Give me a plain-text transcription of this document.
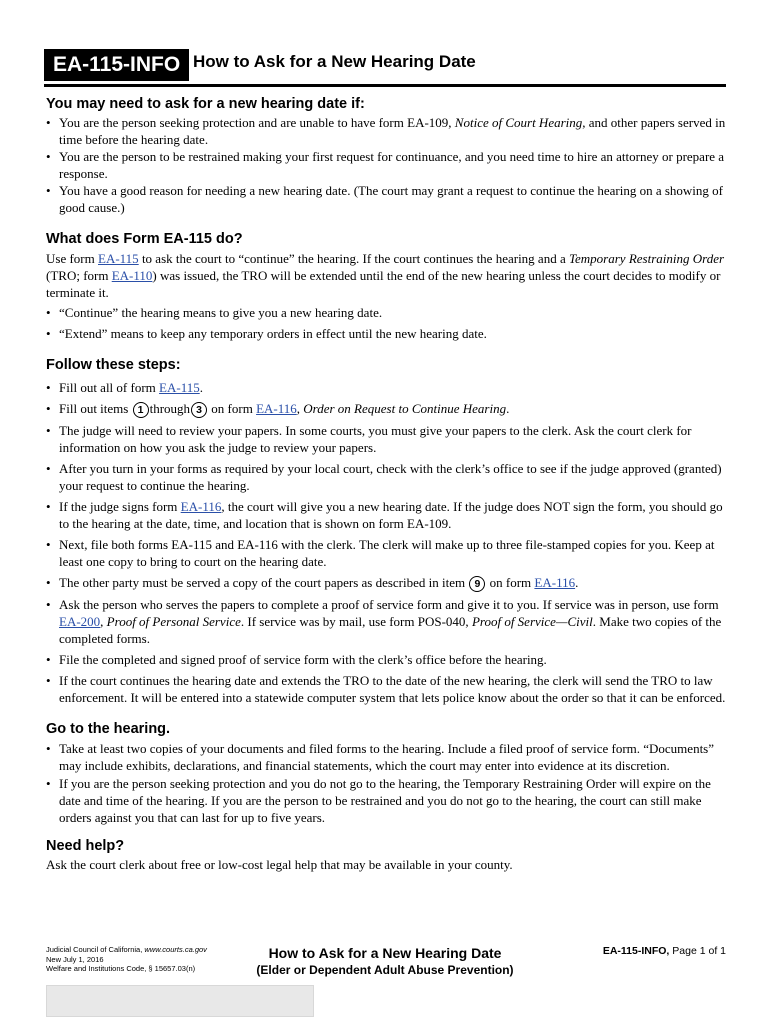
EA-115-INFO How to Ask for a New Hearing Date
You may need to ask for a new hearing date if:
• You are the person seeking protection and are unable to have form EA-109, Notice of Court Hearing, and other papers served in time before the hearing date.
• You are the person to be restrained making your first request for continuance, and you need time to hire an attorney or prepare a response.
• You have a good reason for needing a new hearing date. (The court may grant a request to continue the hearing on a showing of good cause.)
What does Form EA-115 do?

Use form EA-115 to ask the court to “continue” the hearing. If the court continues the hearing and a Temporary Restraining Order (TRO; form EA-110) was issued, the TRO will be extended until the end of the new hearing unless the court decides to modify or terminate it.

• “Continue” the hearing means to give you a new hearing date.
• “Extend” means to keep any temporary orders in effect until the new hearing date.
Follow these steps:
• Fill out all of form EA-115.
• Fill out items 1 through 3 on form EA-116, Order on Request to Continue Hearing.
• The judge will need to review your papers. In some courts, you must give your papers to the clerk. Ask the court clerk for information on how you ask the judge to review your papers.
• After you turn in your forms as required by your local court, check with the clerk’s office to see if the judge approved (granted) your request to continue the hearing.
• If the judge signs form EA-116, the court will give you a new hearing date. If the judge does NOT sign the form, you should go to the hearing at the date, time, and location that is shown on form EA-109.
• Next, file both forms EA-115 and EA-116 with the clerk. The clerk will make up to three file-stamped copies for you. Keep at least one copy to bring to court on the hearing date.
• The other party must be served a copy of the court papers as described in item 9 on form EA-116.
• Ask the person who serves the papers to complete a proof of service form and give it to you. If service was in person, use form EA-200, Proof of Personal Service. If service was by mail, use form POS-040, Proof of Service—Civil. Make two copies of the completed forms.
• File the completed and signed proof of service form with the clerk’s office before the hearing.
• If the court continues the hearing date and extends the TRO to the date of the new hearing, the clerk will send the TRO to law enforcement. It will be entered into a statewide computer system that lets police know about the order so that it can be enforced.
Go to the hearing.
• Take at least two copies of your documents and filed forms to the hearing. Include a filed proof of service form. “Documents” may include exhibits, declarations, and financial statements, which the court may enter into evidence at its discretion.
• If you are the person seeking protection and you do not go to the hearing, the Temporary Restraining Order will expire on the date and time of the hearing. If you are the person to be restrained and you do not go to the hearing, the court can still make orders against you that can last for up to five years.
Need help?

Ask the court clerk about free or low-cost legal help that may be available in your county.

Judicial Council of California, www.courts.ca.gov
New July 1, 2016
Welfare and Institutions Code, § 15657.03(n)
How to Ask for a New Hearing Date
(Elder or Dependent Adult Abuse Prevention)
EA-115-INFO, Page 1 of 1
